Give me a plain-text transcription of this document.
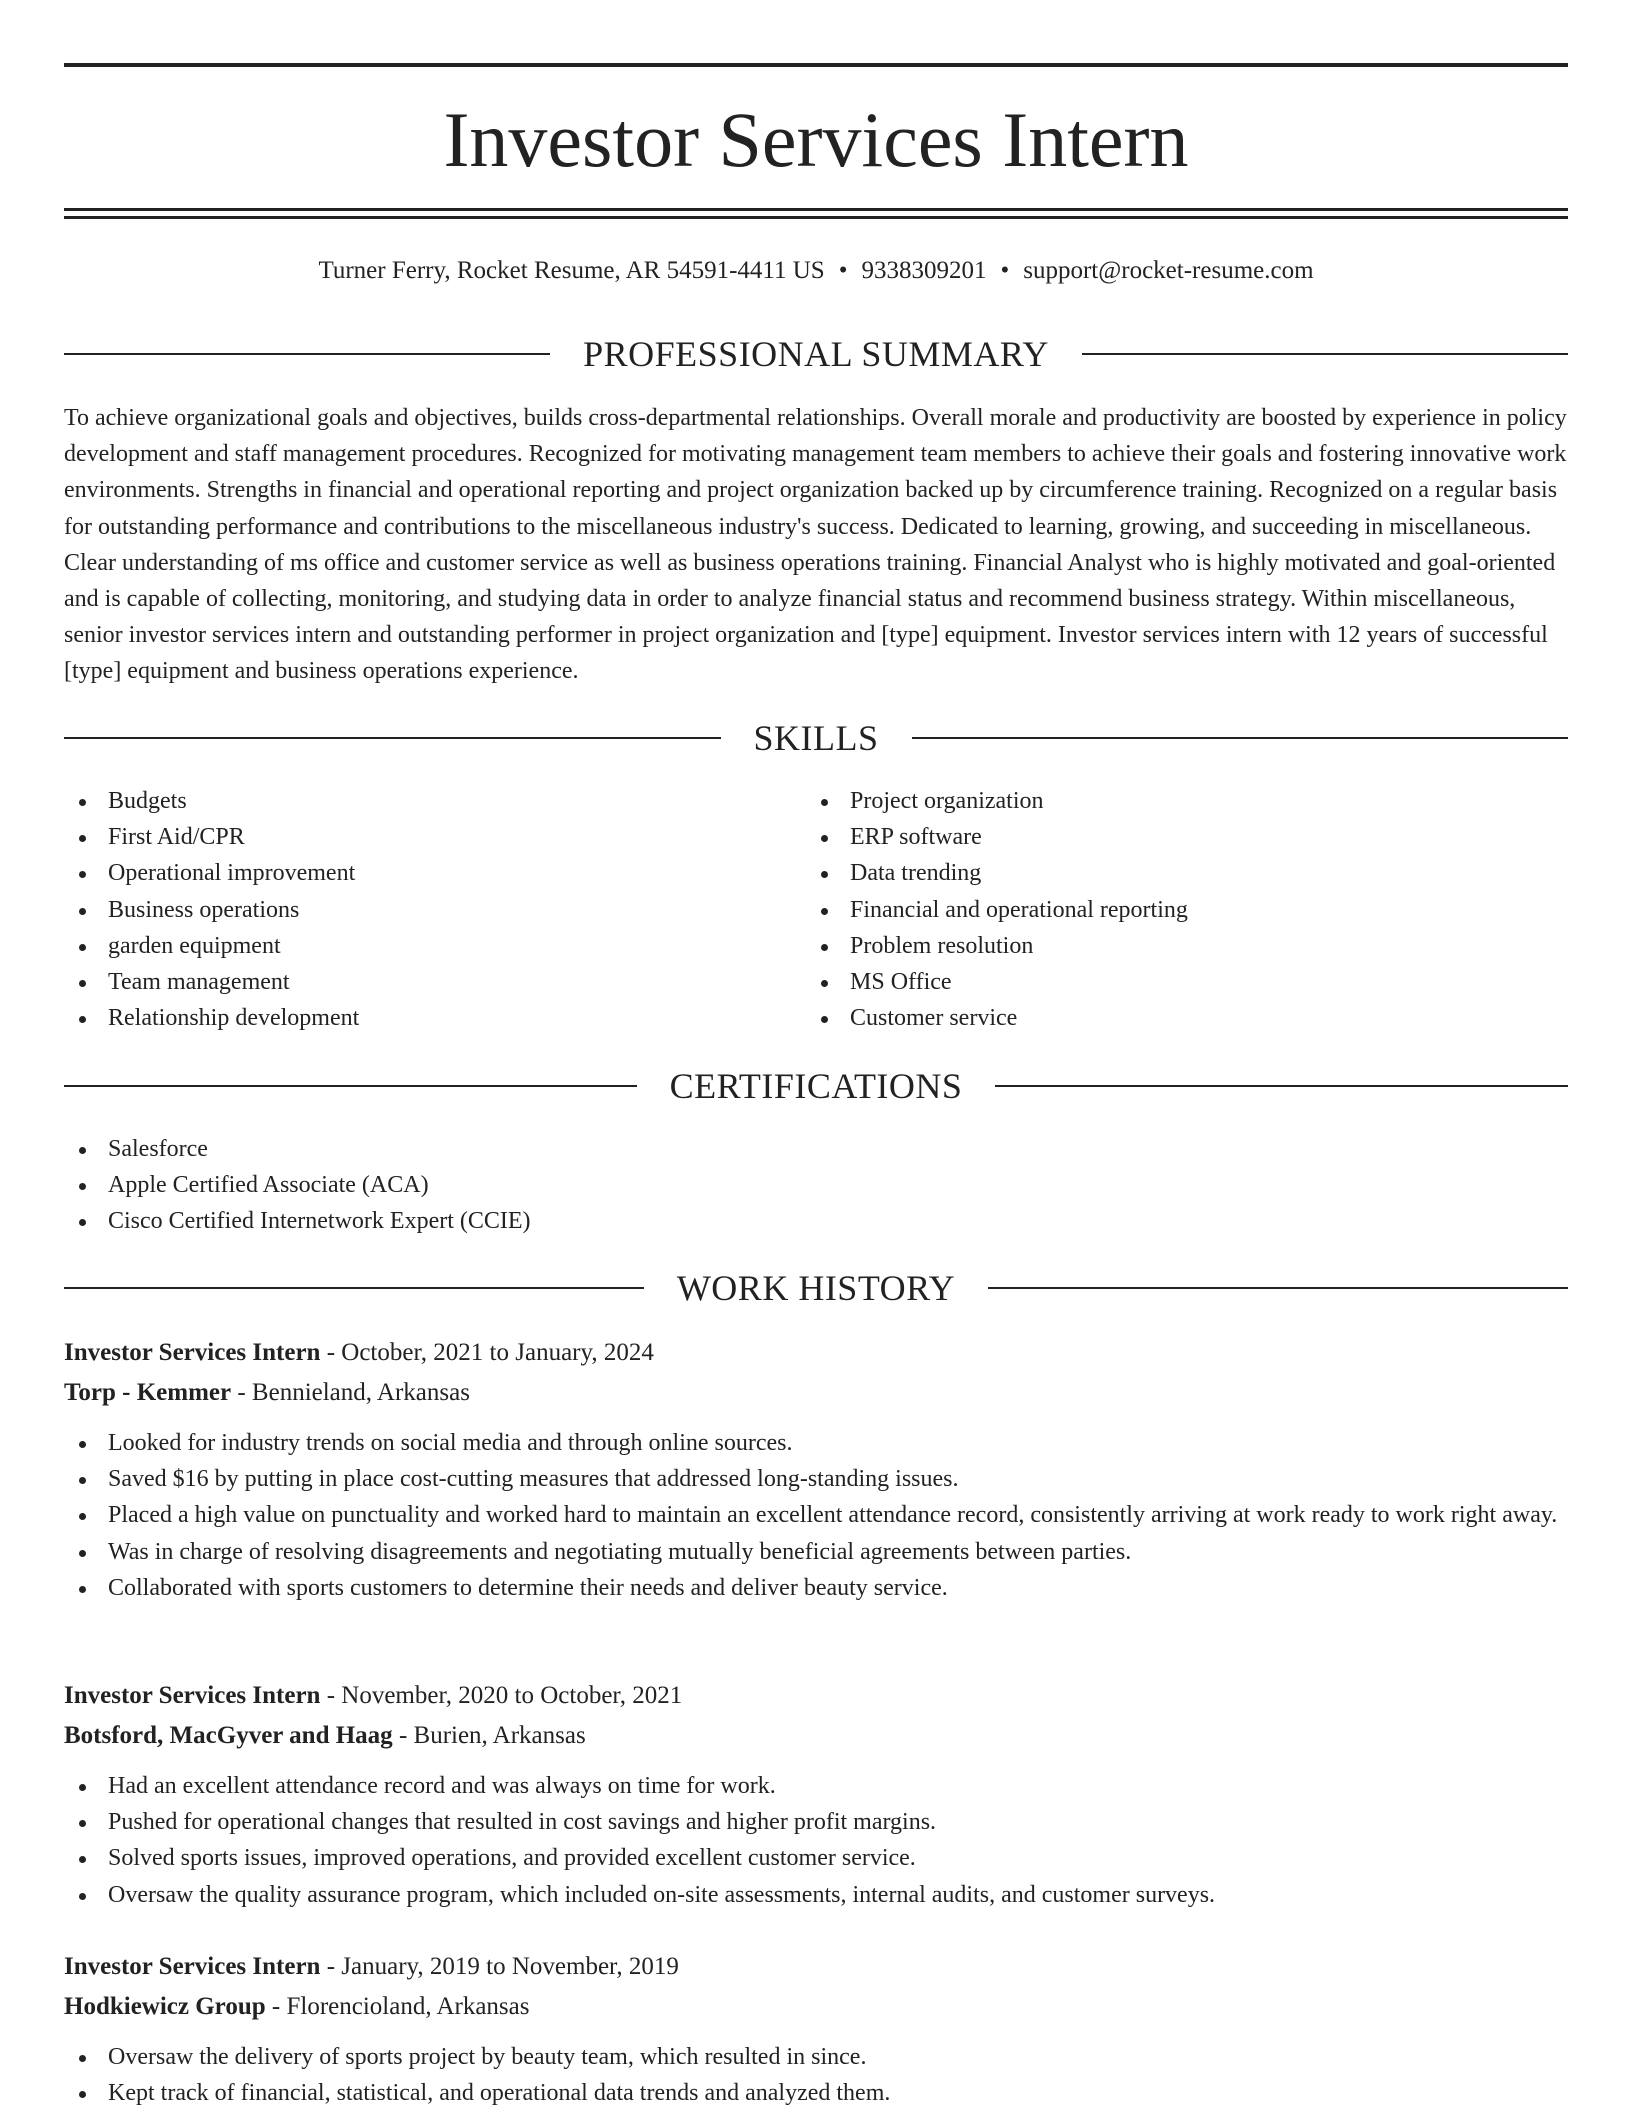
Investor Services Intern
Turner Ferry, Rocket Resume, AR 54591-4411 US • 9338309201 • support@rocket-resume.com
PROFESSIONAL SUMMARY

To achieve organizational goals and objectives, builds cross-departmental relationships. Overall morale and productivity are boosted by experience in policy development and staff management procedures. Recognized for motivating management team members to achieve their goals and fostering innovative work environments. Strengths in financial and operational reporting and project organization backed up by circumference training. Recognized on a regular basis for outstanding performance and contributions to the miscellaneous industry's success. Dedicated to learning, growing, and succeeding in miscellaneous. Clear understanding of ms office and customer service as well as business operations training. Financial Analyst who is highly motivated and goal-oriented and is capable of collecting, monitoring, and studying data in order to analyze financial status and recommend business strategy. Within miscellaneous, senior investor services intern and outstanding performer in project organization and [type] equipment. Investor services intern with 12 years of successful [type] equipment and business operations experience.

SKILLS
Budgets
First Aid/CPR
Operational improvement
Business operations
garden equipment
Team management
Relationship development
Project organization
ERP software
Data trending
Financial and operational reporting
Problem resolution
MS Office
Customer service
CERTIFICATIONS
Salesforce
Apple Certified Associate (ACA)
Cisco Certified Internetwork Expert (CCIE)
WORK HISTORY
Investor Services Intern - October, 2021 to January, 2024
Torp - Kemmer - Bennieland, Arkansas
Looked for industry trends on social media and through online sources.
Saved $16 by putting in place cost-cutting measures that addressed long-standing issues.
Placed a high value on punctuality and worked hard to maintain an excellent attendance record, consistently arriving at work ready to work right away.
Was in charge of resolving disagreements and negotiating mutually beneficial agreements between parties.
Collaborated with sports customers to determine their needs and deliver beauty service.
Investor Services Intern - November, 2020 to October, 2021
Botsford, MacGyver and Haag - Burien, Arkansas
Had an excellent attendance record and was always on time for work.
Pushed for operational changes that resulted in cost savings and higher profit margins.
Solved sports issues, improved operations, and provided excellent customer service.
Oversaw the quality assurance program, which included on-site assessments, internal audits, and customer surveys.
Investor Services Intern - January, 2019 to November, 2019
Hodkiewicz Group - Florencioland, Arkansas
Oversaw the delivery of sports project by beauty team, which resulted in since.
Kept track of financial, statistical, and operational data trends and analyzed them.
